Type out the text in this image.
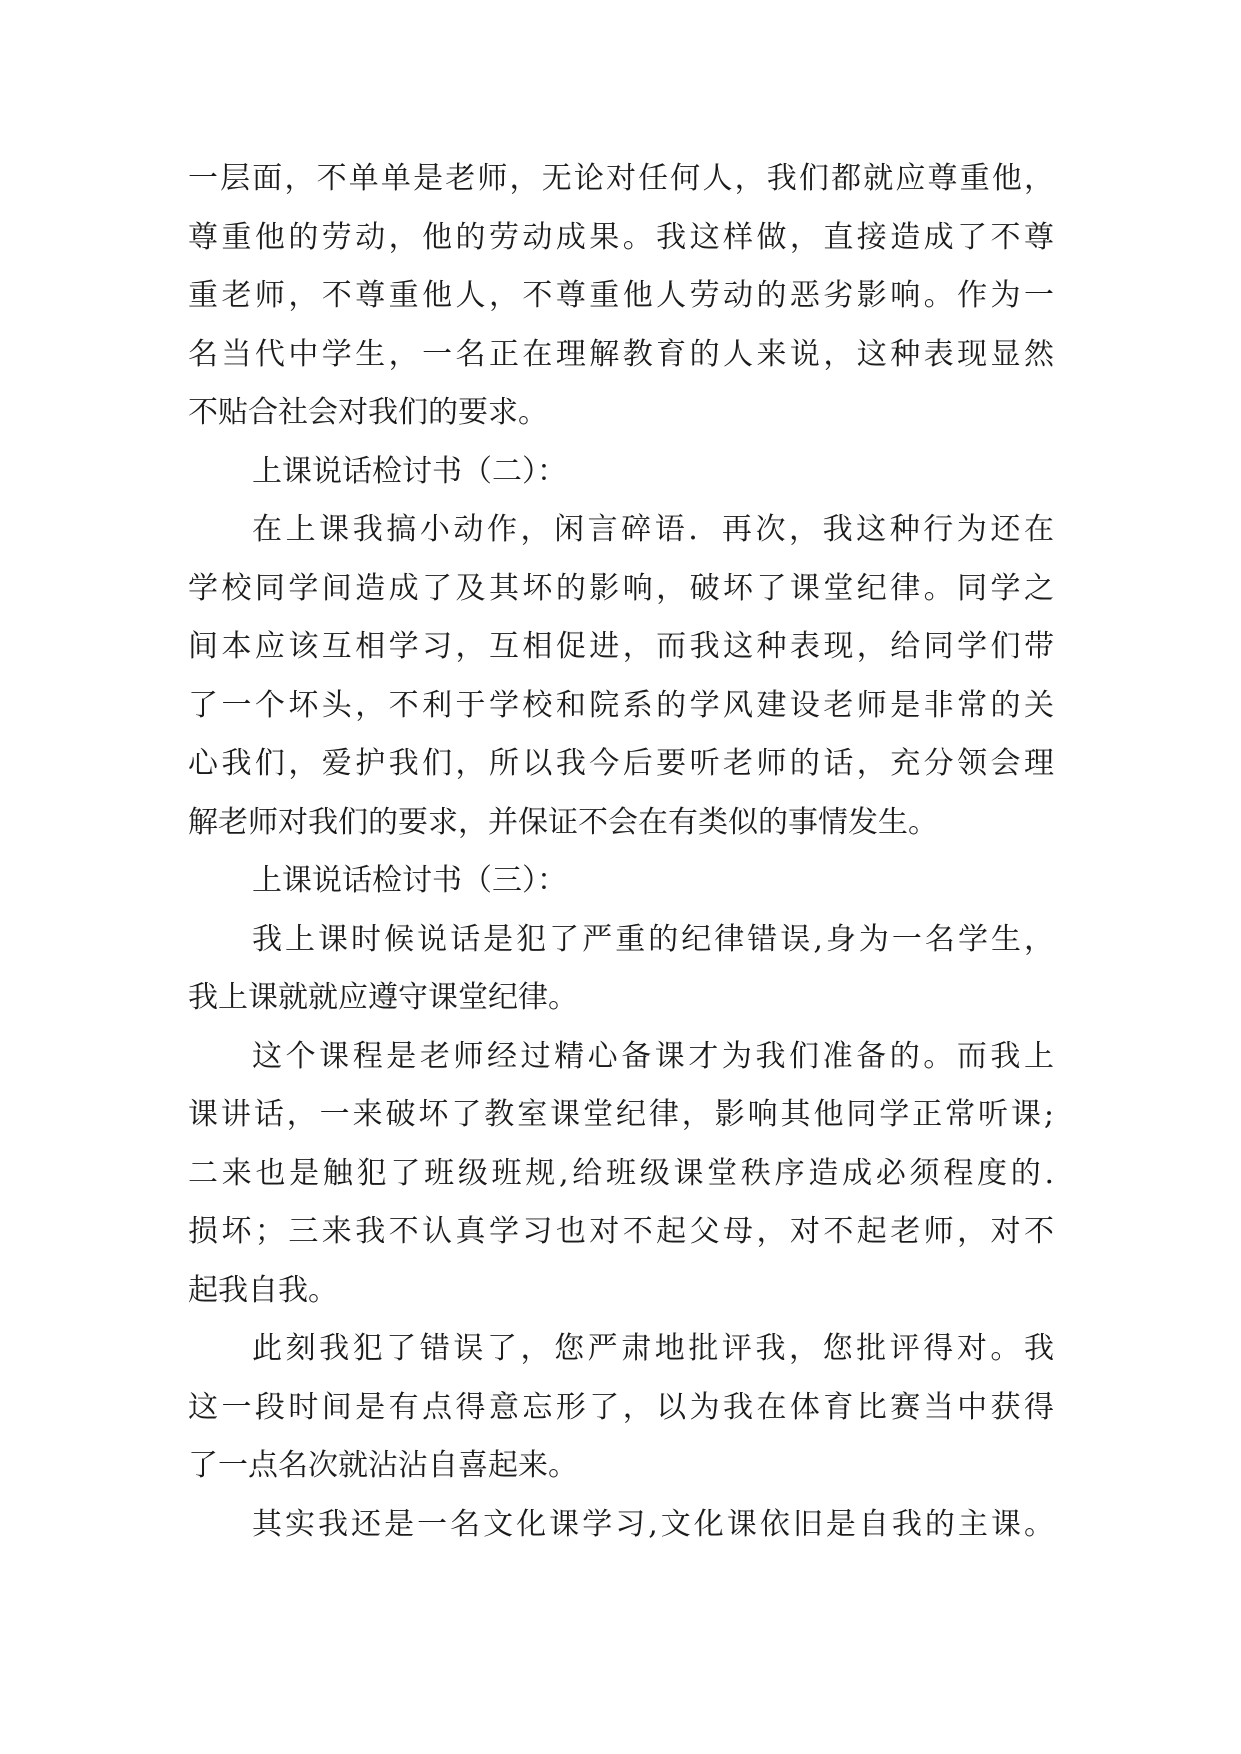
一层面，不单单是老师，无论对任何人，我们都就应尊重他，
尊重他的劳动，他的劳动成果。我这样做，直接造成了不尊
重老师，不尊重他人，不尊重他人劳动的恶劣影响。作为一
名当代中学生，一名正在理解教育的人来说，这种表现显然
不贴合社会对我们的要求。
上课说话检讨书（二）：
在上课我搞小动作，闲言碎语．再次，我这种行为还在
学校同学间造成了及其坏的影响，破坏了课堂纪律。同学之
间本应该互相学习，互相促进，而我这种表现，给同学们带
了一个坏头，不利于学校和院系的学风建设老师是非常的关
心我们，爱护我们，所以我今后要听老师的话，充分领会理
解老师对我们的要求，并保证不会在有类似的事情发生。
上课说话检讨书（三）：
我上课时候说话是犯了严重的纪律错误,身为一名学生，
我上课就就应遵守课堂纪律。
这个课程是老师经过精心备课才为我们准备的。而我上
课讲话，一来破坏了教室课堂纪律，影响其他同学正常听课;
二来也是触犯了班级班规,给班级课堂秩序造成必须程度的.
损坏；三来我不认真学习也对不起父母，对不起老师，对不
起我自我。
此刻我犯了错误了，您严肃地批评我，您批评得对。我
这一段时间是有点得意忘形了，以为我在体育比赛当中获得
了一点名次就沾沾自喜起来。
其实我还是一名文化课学习,文化课依旧是自我的主课。
